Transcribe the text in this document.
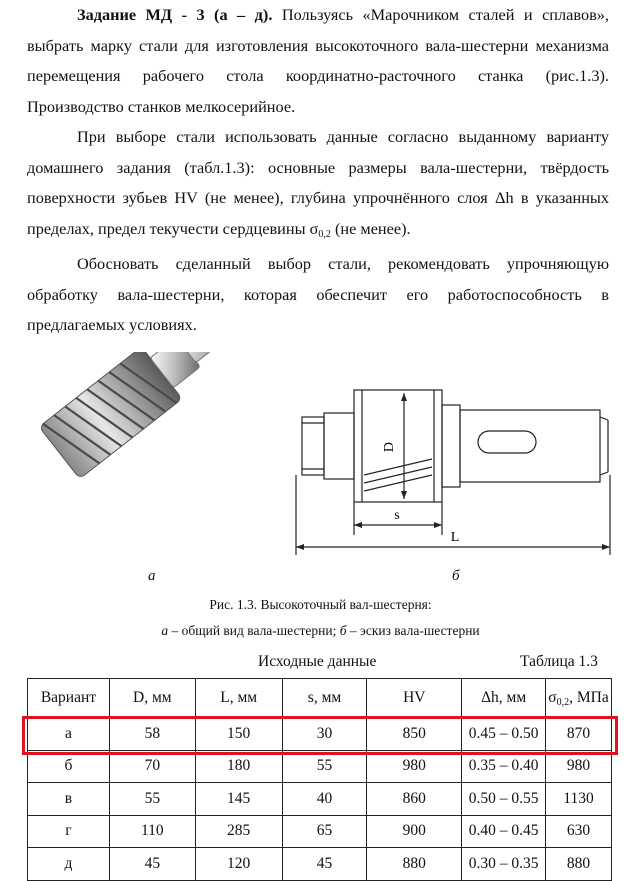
Задание МД - 3 (а – д). Пользуясь «Марочником сталей и сплавов», выбрать марку стали для изготовления высокоточного вала-шестерни механизма перемещения рабочего стола координатно-расточного станка (рис.1.3). Производство станков мелкосерийное.

При выборе стали использовать данные согласно выданному варианту домашнего задания (табл.1.3): основные размеры вала-шестерни, твёрдость поверхности зубьев HV (не менее), глубина упрочнённого слоя Δh в указанных пределах, предел текучести сердцевины $\sigma_{0,2}$ (не менее).

Обосновать сделанный выбор стали, рекомендовать упрочняющую обработку вала-шестерни, которая обеспечит его работоспособность в предлагаемых условиях.

D
s
L
а	б
Рис. 1.3. Высокоточный вал-шестерня:
а – общий вид вала-шестерни; б – эскиз вала-шестерни
Исходные данные	Таблица 1.3
Вариант	D, мм	L, мм	s, мм	HV	Δh, мм	$\sigma_{0,2}$, МПа
а	58	150	30	850	0.45 – 0.50	870
б	70	180	55	980	0.35 – 0.40	980
в	55	145	40	860	0.50 – 0.55	1130
г	110	285	65	900	0.40 – 0.45	630
д	45	120	45	880	0.30 – 0.35	880
